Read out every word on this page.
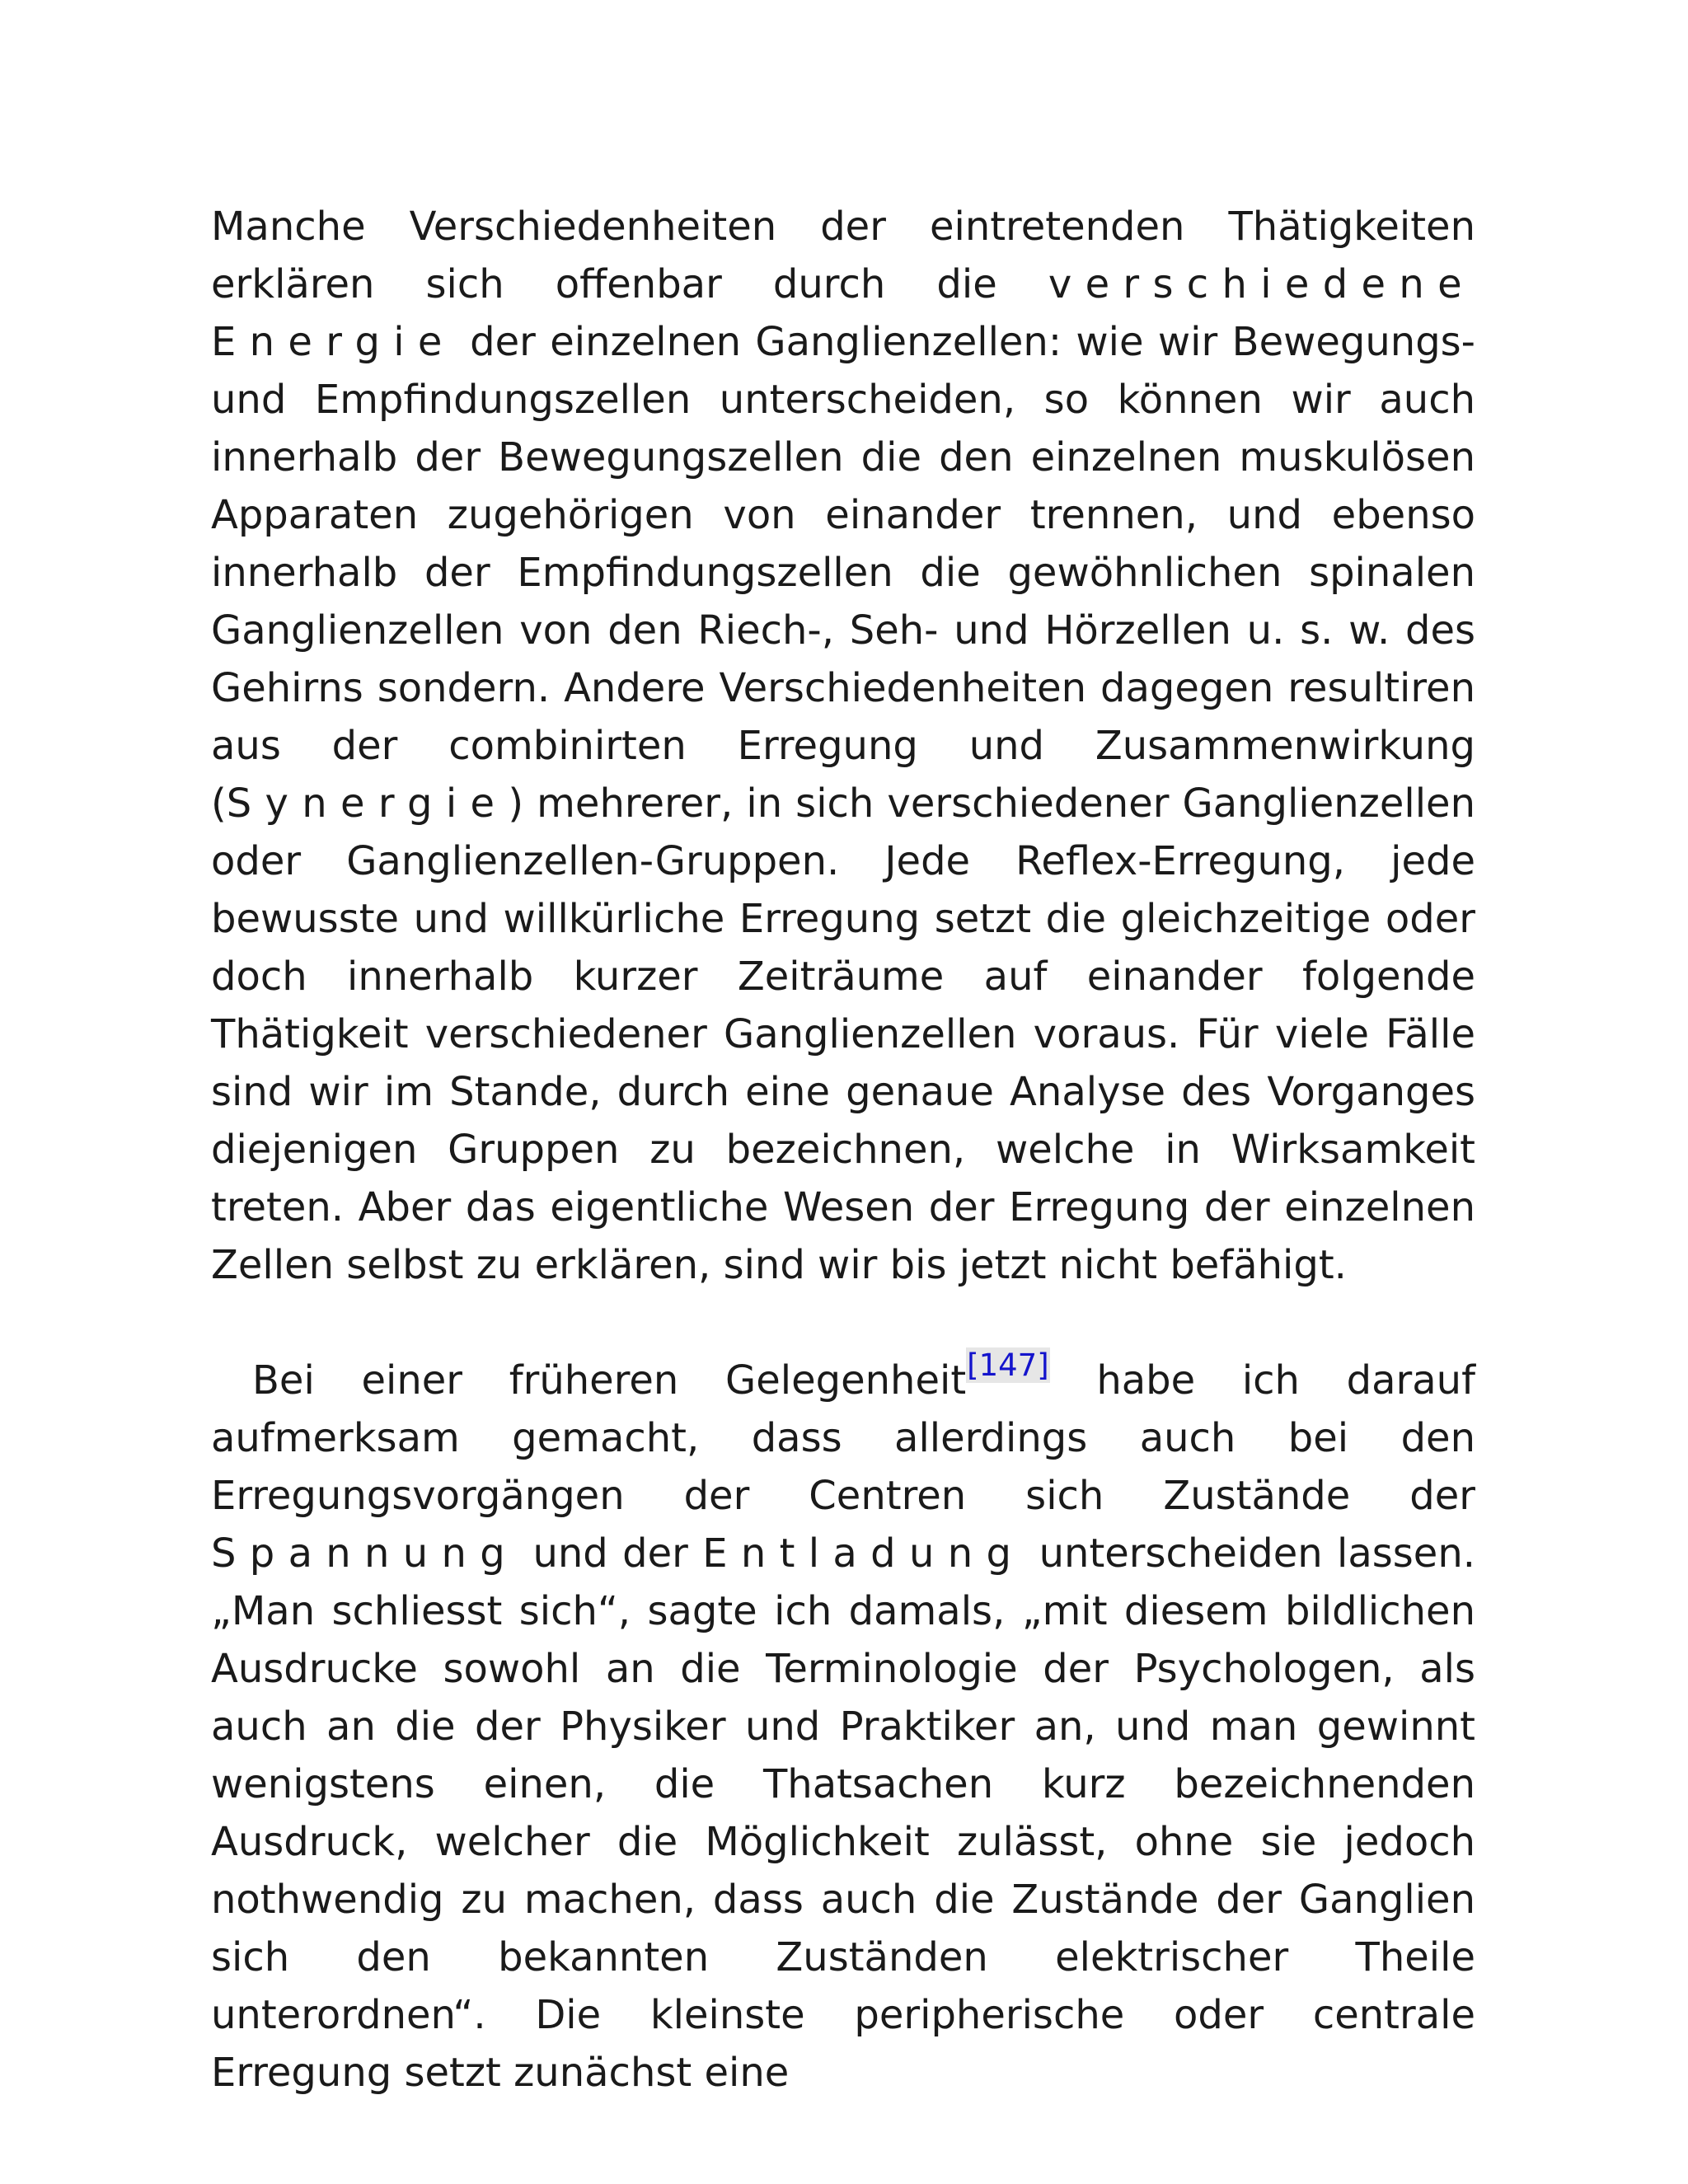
Manche Verschiedenheiten der eintretenden Thätigkeiten erklären sich offenbar durch die verschiedene Energie der einzelnen Ganglienzellen: wie wir Bewegungs- und Empfindungszellen unterscheiden, so können wir auch innerhalb der Bewegungszellen die den einzelnen muskulösen Apparaten zugehörigen von einander trennen, und ebenso innerhalb der Empfindungszellen die gewöhnlichen spinalen Ganglienzellen von den Riech-, Seh- und Hörzellen u. s. w. des Gehirns sondern. Andere Verschiedenheiten dagegen resultiren aus der combinirten Erregung und Zusammenwirkung (Synergie) mehrerer, in sich verschiedener Ganglienzellen oder Ganglienzellen-Gruppen. Jede Reflex-Erregung, jede bewusste und willkürliche Erregung setzt die gleichzeitige oder doch innerhalb kurzer Zeiträume auf einander folgende Thätigkeit verschiedener Ganglienzellen voraus. Für viele Fälle sind wir im Stande, durch eine genaue Analyse des Vorganges diejenigen Gruppen zu bezeichnen, welche in Wirksamkeit treten. Aber das eigentliche Wesen der Erregung der einzelnen Zellen selbst zu erklären, sind wir bis jetzt nicht befähigt.

Bei einer früheren Gelegenheit[147] habe ich darauf aufmerksam gemacht, dass allerdings auch bei den Erregungsvorgängen der Centren sich Zustände der Spannung und der Entladung unterscheiden lassen. „Man schliesst sich“, sagte ich damals, „mit diesem bildlichen Ausdrucke sowohl an die Terminologie der Psychologen, als auch an die der Physiker und Praktiker an, und man gewinnt wenigstens einen, die Thatsachen kurz bezeichnenden Ausdruck, welcher die Möglichkeit zulässt, ohne sie jedoch nothwendig zu machen, dass auch die Zustände der Ganglien sich den bekannten Zuständen elektrischer Theile unterordnen“. Die kleinste peripherische oder centrale Erregung setzt zunächst eine
